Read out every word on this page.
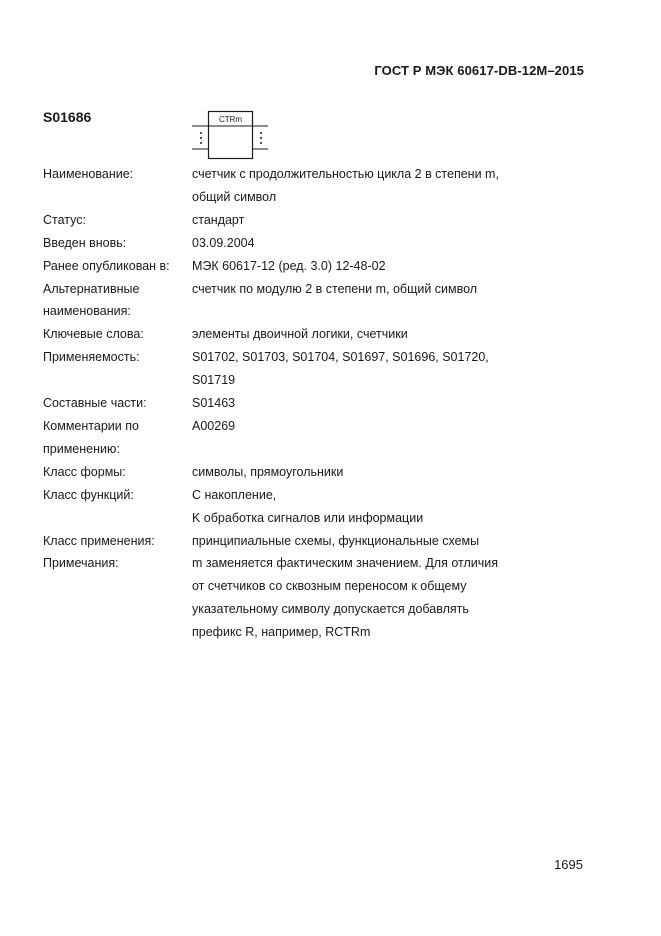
ГОСТ Р МЭК 60617-DB-12M–2015
S01686	CTRm
Наименование:	счетчик с продолжительностью цикла 2 в степени m,
общий символ
Статус:	стандарт
Введен вновь:	03.09.2004
Ранее опубликован в:	МЭК 60617-12 (ред. 3.0) 12-48-02
Альтернативные
наименования:
счетчик по модулю 2 в степени m, общий символ
Ключевые слова:	элементы двоичной логики, счетчики
Применяемость:	S01702, S01703, S01704, S01697, S01696, S01720,
S01719
Составные части:	S01463
Комментарии по
применению:
A00269
Класс формы:	символы, прямоугольники
Класс функций:	C накопление,
K обработка сигналов или информации
Класс применения:	принципиальные схемы, функциональные схемы
Примечания:	m заменяется фактическим значением. Для отличия
от счетчиков со сквозным переносом к общему
указательному символу допускается добавлять
префикс R, например, RCTRm
1695
